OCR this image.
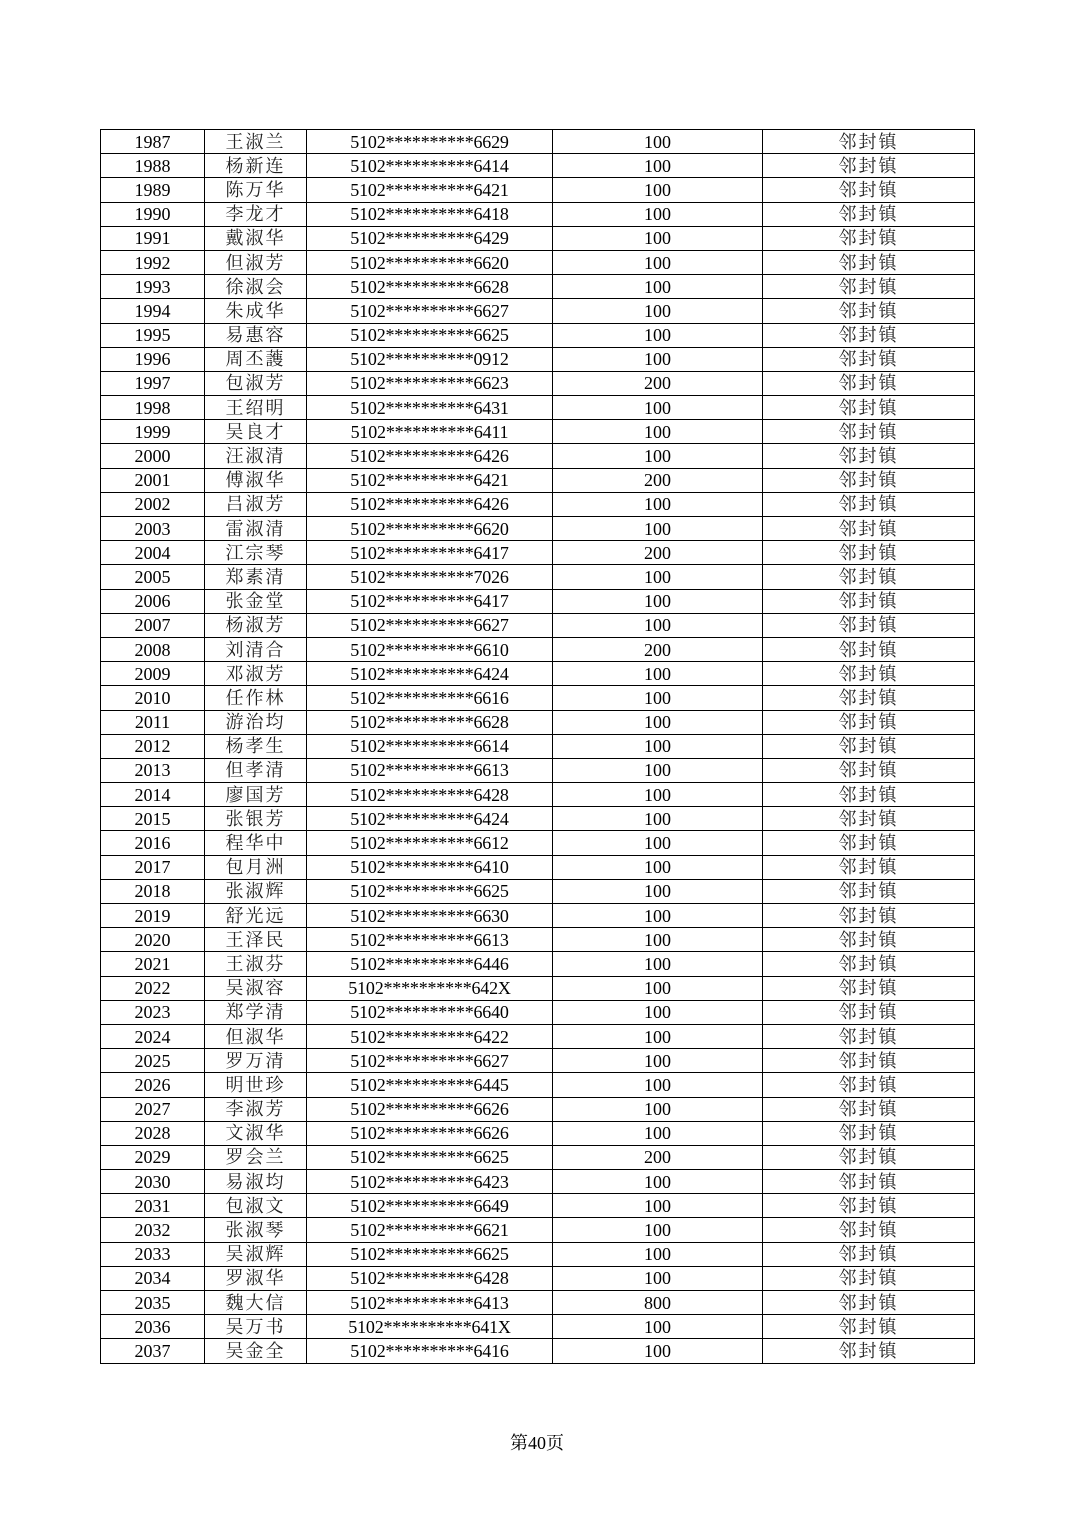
1987	王淑兰	5102**********6629	100	邻封镇
1988	杨新连	5102**********6414	100	邻封镇
1989	陈万华	5102**********6421	100	邻封镇
1990	李龙才	5102**********6418	100	邻封镇
1991	戴淑华	5102**********6429	100	邻封镇
1992	但淑芳	5102**********6620	100	邻封镇
1993	徐淑会	5102**********6628	100	邻封镇
1994	朱成华	5102**********6627	100	邻封镇
1995	易惠容	5102**********6625	100	邻封镇
1996	周丕䕶	5102**********0912	100	邻封镇
1997	包淑芳	5102**********6623	200	邻封镇
1998	王绍明	5102**********6431	100	邻封镇
1999	吴良才	5102**********6411	100	邻封镇
2000	汪淑清	5102**********6426	100	邻封镇
2001	傅淑华	5102**********6421	200	邻封镇
2002	吕淑芳	5102**********6426	100	邻封镇
2003	雷淑清	5102**********6620	100	邻封镇
2004	江宗琴	5102**********6417	200	邻封镇
2005	郑素清	5102**********7026	100	邻封镇
2006	张金堂	5102**********6417	100	邻封镇
2007	杨淑芳	5102**********6627	100	邻封镇
2008	刘清合	5102**********6610	200	邻封镇
2009	邓淑芳	5102**********6424	100	邻封镇
2010	任作林	5102**********6616	100	邻封镇
2011	游治均	5102**********6628	100	邻封镇
2012	杨孝生	5102**********6614	100	邻封镇
2013	但孝清	5102**********6613	100	邻封镇
2014	廖国芳	5102**********6428	100	邻封镇
2015	张银芳	5102**********6424	100	邻封镇
2016	程华中	5102**********6612	100	邻封镇
2017	包月洲	5102**********6410	100	邻封镇
2018	张淑辉	5102**********6625	100	邻封镇
2019	舒光远	5102**********6630	100	邻封镇
2020	王泽民	5102**********6613	100	邻封镇
2021	王淑芬	5102**********6446	100	邻封镇
2022	吴淑容	5102**********642X	100	邻封镇
2023	郑学清	5102**********6640	100	邻封镇
2024	但淑华	5102**********6422	100	邻封镇
2025	罗万清	5102**********6627	100	邻封镇
2026	明世珍	5102**********6445	100	邻封镇
2027	李淑芳	5102**********6626	100	邻封镇
2028	文淑华	5102**********6626	100	邻封镇
2029	罗会兰	5102**********6625	200	邻封镇
2030	易淑均	5102**********6423	100	邻封镇
2031	包淑文	5102**********6649	100	邻封镇
2032	张淑琴	5102**********6621	100	邻封镇
2033	吴淑辉	5102**********6625	100	邻封镇
2034	罗淑华	5102**********6428	100	邻封镇
2035	魏大信	5102**********6413	800	邻封镇
2036	吴万书	5102**********641X	100	邻封镇
2037	吴金全	5102**********6416	100	邻封镇
第40页
